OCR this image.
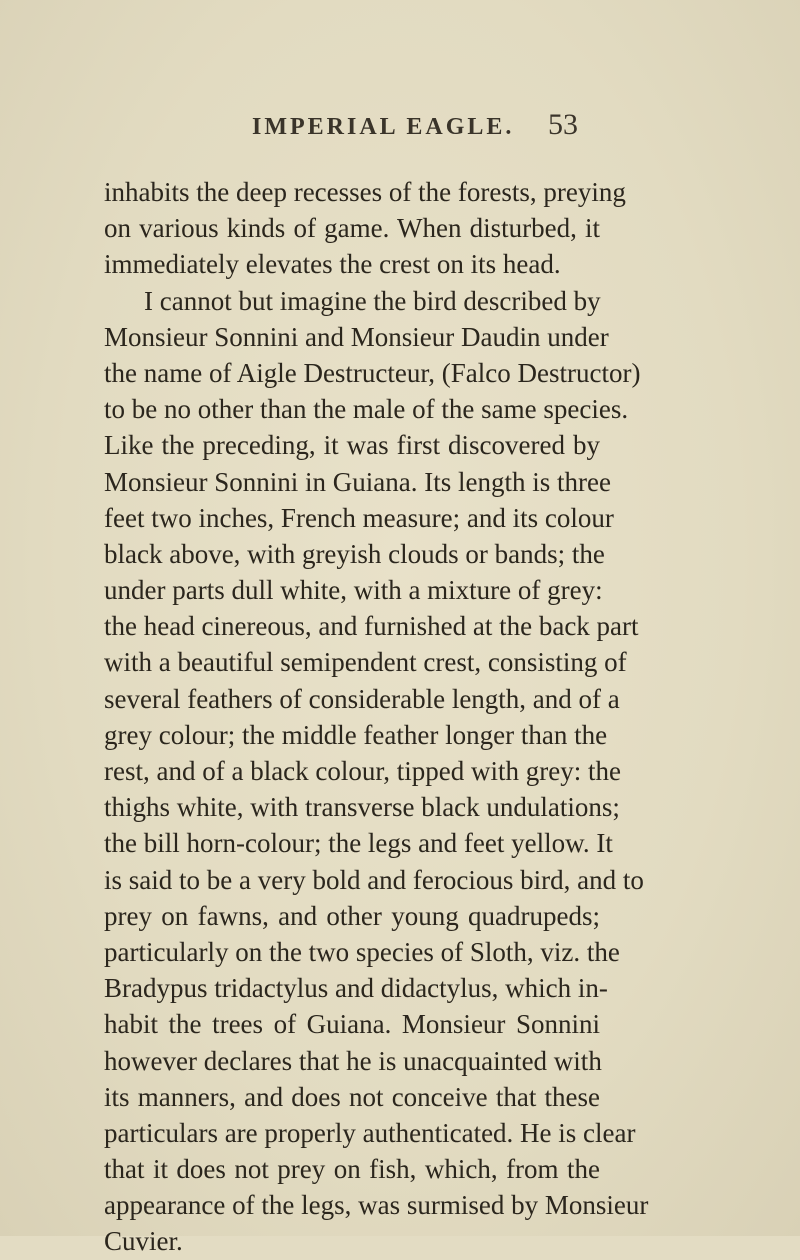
IMPERIAL EAGLE. 53
inhabits the deep recesses of the forests, preying
on various kinds of game. When disturbed, it
immediately elevates the crest on its head.
I cannot but imagine the bird described by
Monsieur Sonnini and Monsieur Daudin under
the name of Aigle Destructeur, (Falco Destructor)
to be no other than the male of the same species.
Like the preceding, it was first discovered by
Monsieur Sonnini in Guiana. Its length is three
feet two inches, French measure; and its colour
black above, with greyish clouds or bands; the
under parts dull white, with a mixture of grey:
the head cinereous, and furnished at the back part
with a beautiful semipendent crest, consisting of
several feathers of considerable length, and of a
grey colour; the middle feather longer than the
rest, and of a black colour, tipped with grey: the
thighs white, with transverse black undulations;
the bill horn-colour; the legs and feet yellow. It
is said to be a very bold and ferocious bird, and to
prey on fawns, and other young quadrupeds;
particularly on the two species of Sloth, viz. the
Bradypus tridactylus and didactylus, which in-
habit the trees of Guiana. Monsieur Sonnini
however declares that he is unacquainted with
its manners, and does not conceive that these
particulars are properly authenticated. He is clear
that it does not prey on fish, which, from the
appearance of the legs, was surmised by Monsieur
Cuvier.
